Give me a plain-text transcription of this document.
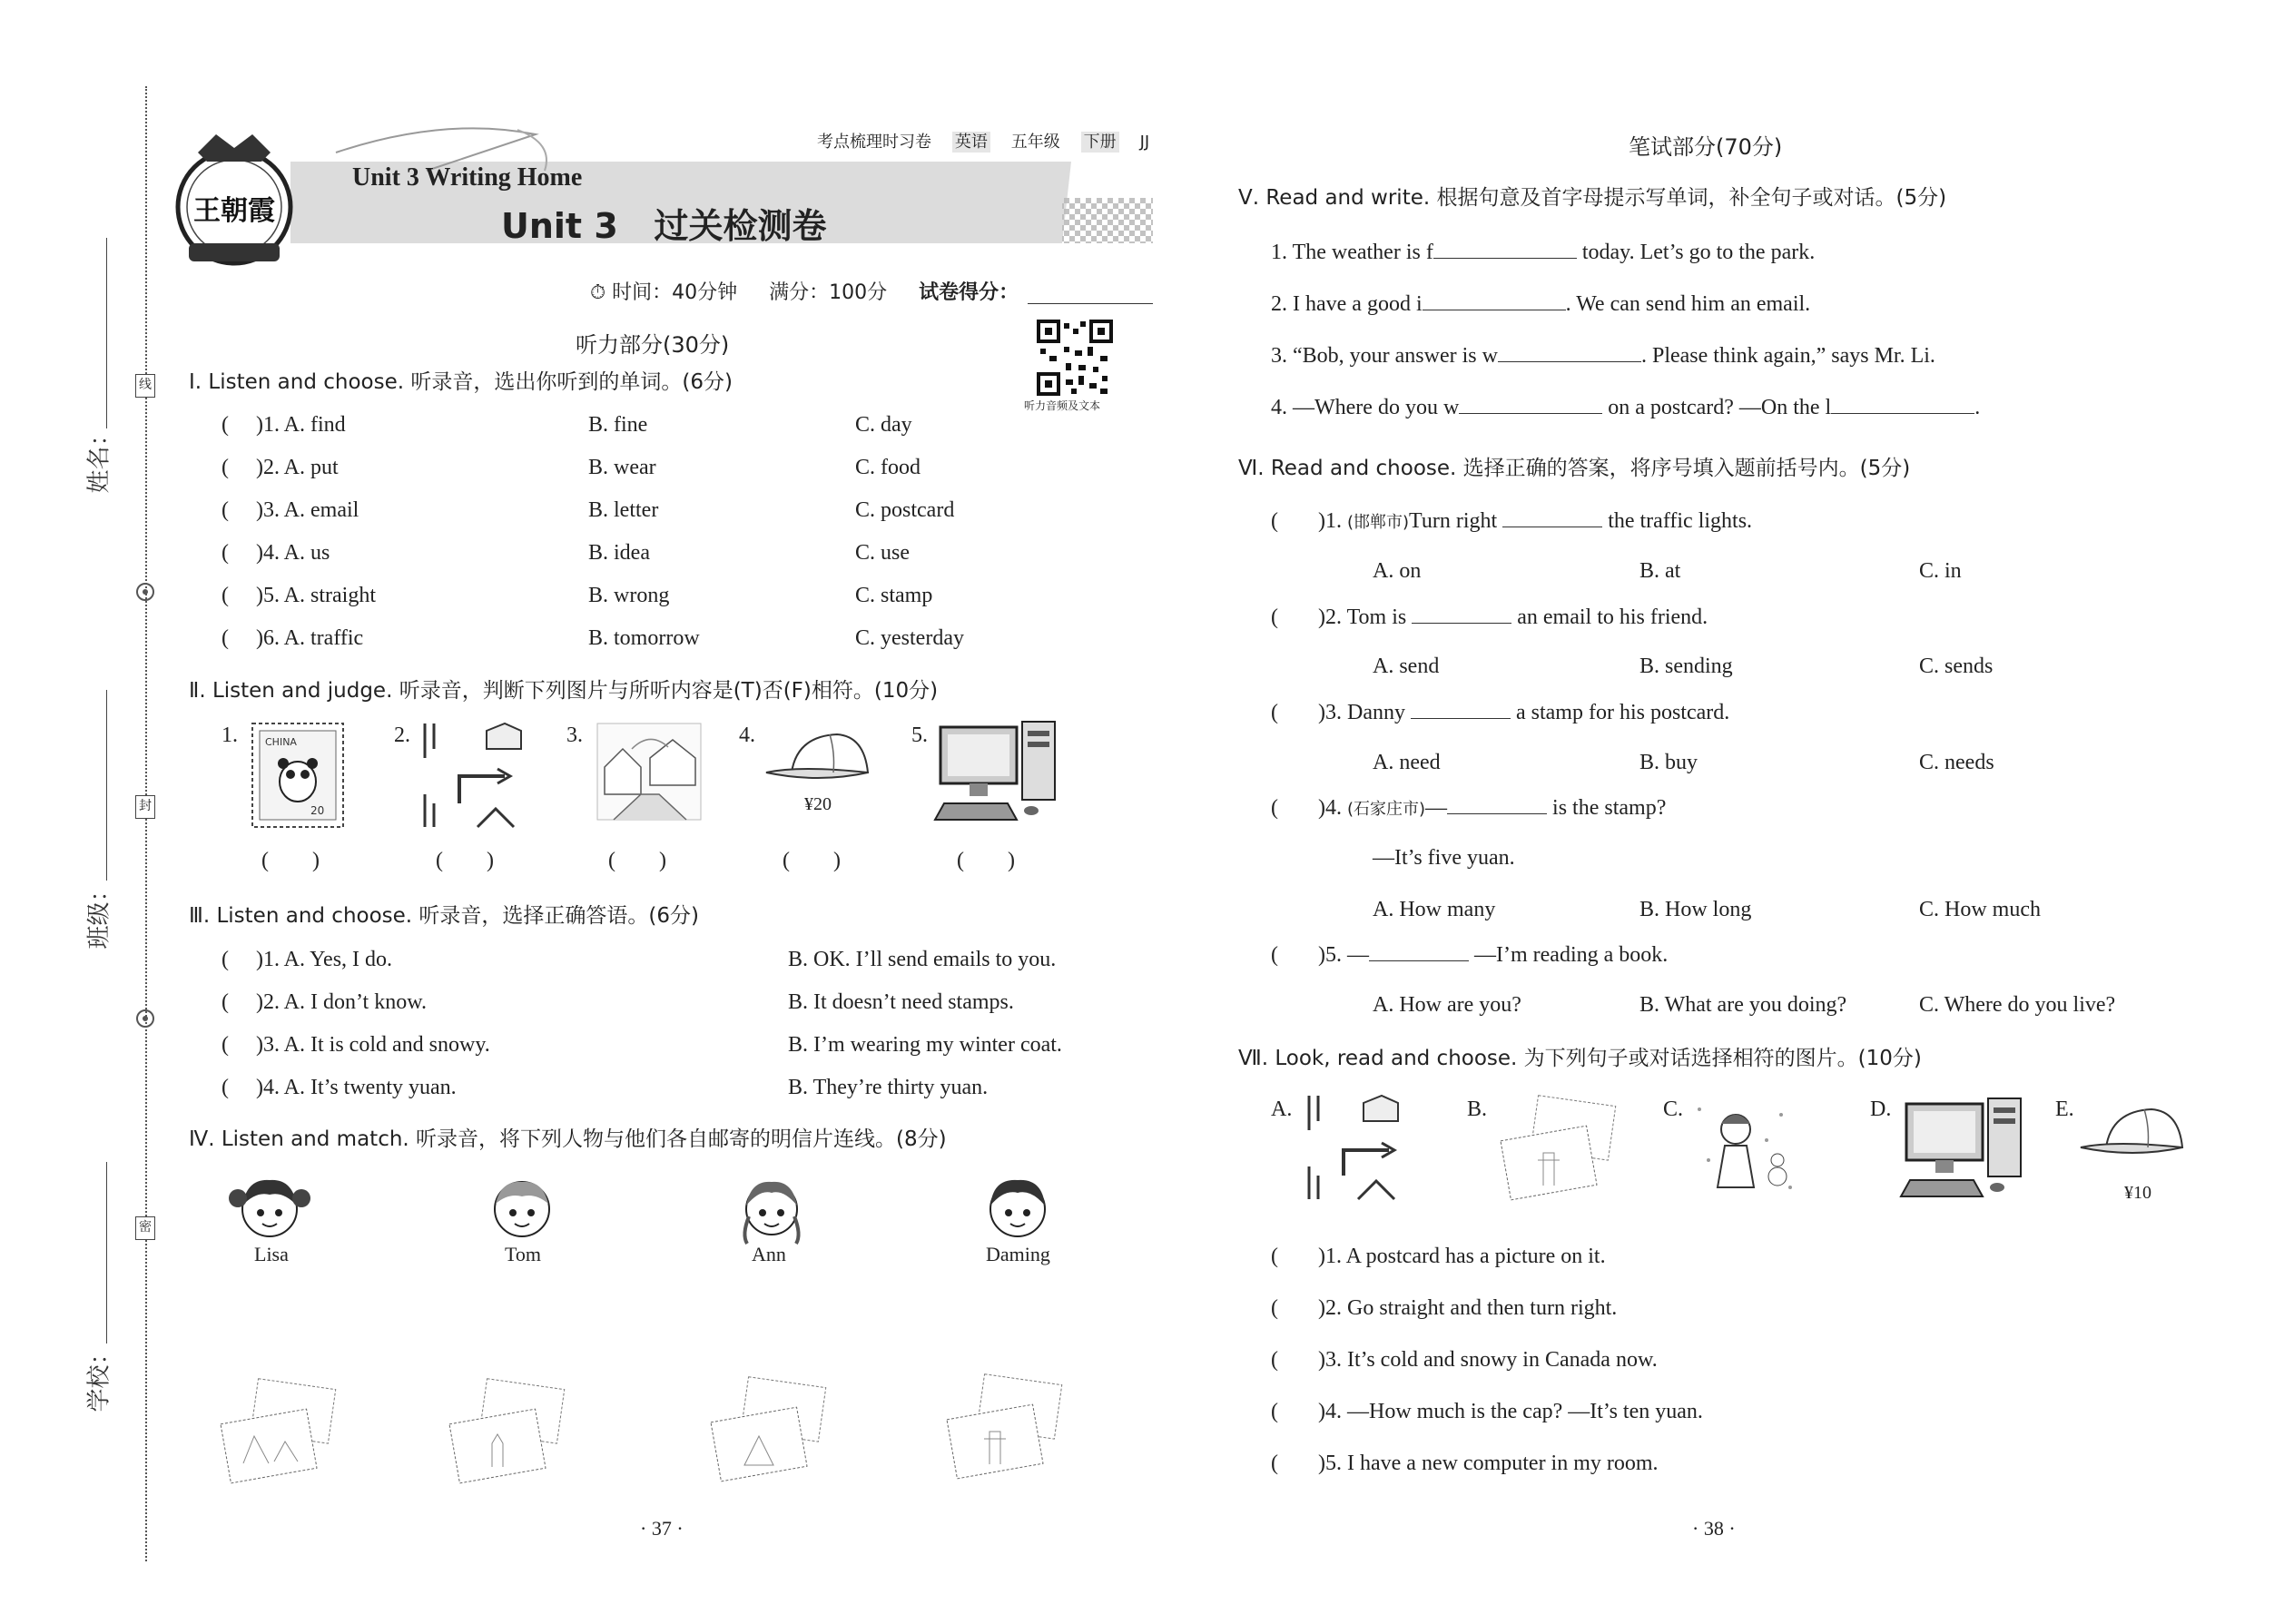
姓名：
班级：
学校：
线
封
密
考点梳理时习卷 英语 五年级 下册 JJ
王朝霞
Unit 3 Writing Home
Unit 3   过关检测卷
⏱ 时间：40分钟 满分：100分 试卷得分：
听力音频及文本
听力部分(30分)
Ⅰ. Listen and choose. 听录音，选出你听到的单词。(6分)
( )1. A. find	B. fine	C. day
( )2. A. put	B. wear	C. food
( )3. A. email	B. letter	C. postcard
( )4. A. us	B. idea	C. use
( )5. A. straight	B. wrong	C. stamp
( )6. A. traffic	B. tomorrow	C. yesterday
Ⅱ. Listen and judge. 听录音，判断下列图片与所听内容是(T)否(F)相符。(10分)
1.	CHINA
20
2.	3.	4.
¥20
5.
( )	( )	( )	( )	( )
Ⅲ. Listen and choose. 听录音，选择正确答语。(6分)
( )1. A. Yes, I do.	B. OK. I’ll send emails to you.
( )2. A. I don’t know.	B. It doesn’t need stamps.
( )3. A. It is cold and snowy.	B. I’m wearing my winter coat.
( )4. A. It’s twenty yuan.	B. They’re thirty yuan.
Ⅳ. Listen and match. 听录音，将下列人物与他们各自邮寄的明信片连线。(8分)
Lisa	Tom	Ann	Daming
· 37 ·
笔试部分(70分)
Ⅴ. Read and write. 根据句意及首字母提示写单词，补全句子或对话。(5分)
1. The weather is f	today. Let’s go to the park.
2. I have a good i	. We can send him an email.
3. “Bob, your answer is w	. Please think again,” says Mr. Li.
4. —Where do you w	on a postcard? —On the l	.
Ⅵ. Read and choose. 选择正确的答案，将序号填入题前括号内。(5分)
( )1. (邯郸市)Turn right	the traffic lights.
A. on	B. at	C. in
( )2. Tom is	an email to his friend.
A. send	B. sending	C. sends
( )3. Danny	a stamp for his postcard.
A. need	B. buy	C. needs
( )4. (石家庄市)—	is the stamp?
—It’s five yuan.
A. How many	B. How long	C. How much
( )5. —	—I’m reading a book.
A. How are you?	B. What are you doing?	C. Where do you live?
Ⅶ. Look, read and choose. 为下列句子或对话选择相符的图片。(10分)
A.	B.	C.	D.	E.
¥10
( )1. A postcard has a picture on it.
( )2. Go straight and then turn right.
( )3. It’s cold and snowy in Canada now.
( )4. —How much is the cap? —It’s ten yuan.
( )5. I have a new computer in my room.
· 38 ·
